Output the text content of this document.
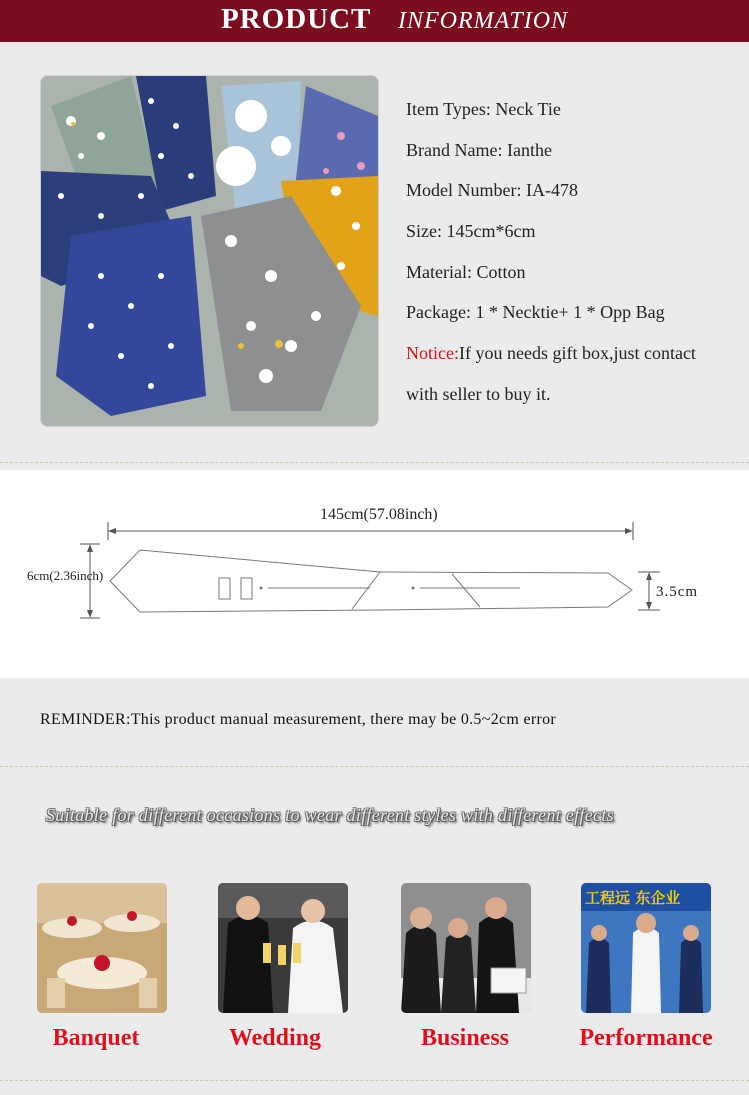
PRODUCT INFORMATION
Item Types: Neck Tie
Brand Name: Ianthe
Model Number: IA-478
Size: 145cm*6cm
Material: Cotton
Package: 1 * Necktie+ 1 * Opp Bag
Notice:If you needs gift box,just contact
with seller to buy it.
145cm(57.08inch)
6cm(2.36inch)
3.5cm
REMINDER:This product manual measurement, there may be 0.5~2cm error
Suitable for different occasions to wear different styles with different effects
工程远 东企业
Banquet	Wedding	Business	Performance
